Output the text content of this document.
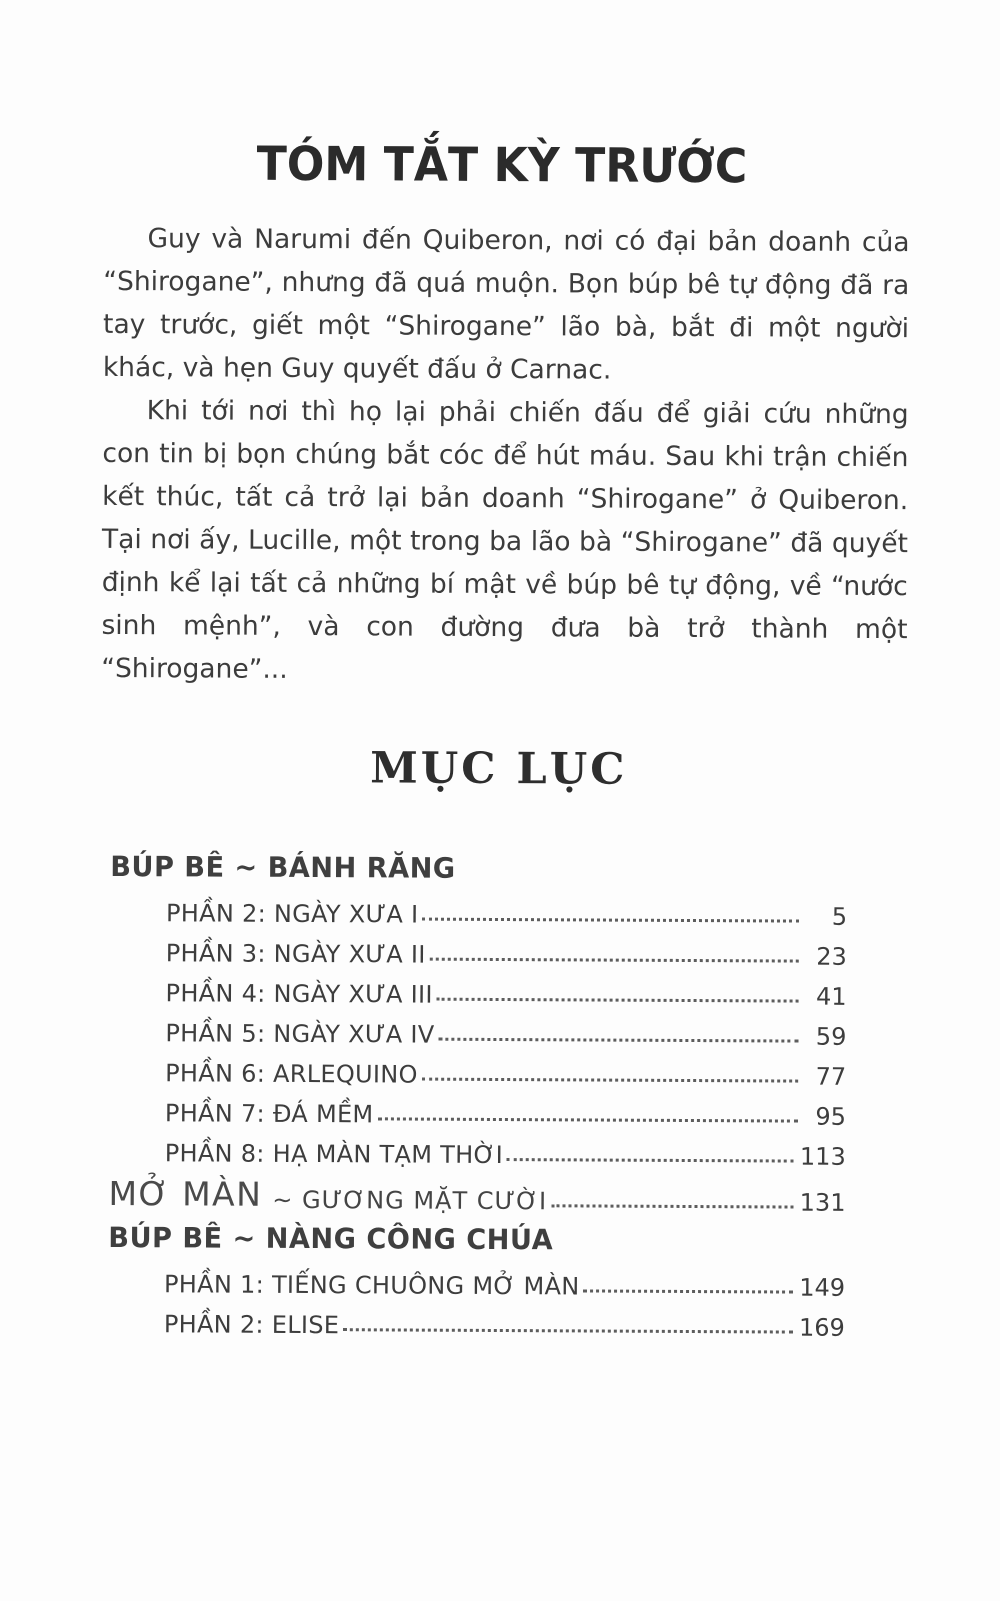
TÓM TẮT KỲ TRƯỚC

Guy và Narumi đến Quiberon, nơi có đại bản doanh của “Shirogane”, nhưng đã quá muộn. Bọn búp bê tự động đã ra tay trước, giết một “Shirogane” lão bà, bắt đi một người khác, và hẹn Guy quyết đấu ở Carnac.

Khi tới nơi thì họ lại phải chiến đấu để giải cứu những con tin bị bọn chúng bắt cóc để hút máu. Sau khi trận chiến kết thúc, tất cả trở lại bản doanh “Shirogane” ở Quiberon. Tại nơi ấy, Lucille, một trong ba lão bà “Shirogane” đã quyết định kể lại tất cả những bí mật về búp bê tự động, về “nước sinh mệnh”, và con đường đưa bà trở thành một “Shirogane”...

MỤC LỤC
BÚP BÊ ~ BÁNH RĂNG
PHẦN 2: NGÀY XƯA I	5
PHẦN 3: NGÀY XƯA II	23
PHẦN 4: NGÀY XƯA III	41
PHẦN 5: NGÀY XƯA IV	59
PHẦN 6: ARLEQUINO	77
PHẦN 7: ĐÁ MỀM	95
PHẦN 8: HẠ MÀN TẠM THỜI	113
MỞ MÀN ~ GƯƠNG MẶT CƯỜI	131
BÚP BÊ ~ NÀNG CÔNG CHÚA
PHẦN 1: TIẾNG CHUÔNG MỞ MÀN	149
PHẦN 2: ELISE	169
